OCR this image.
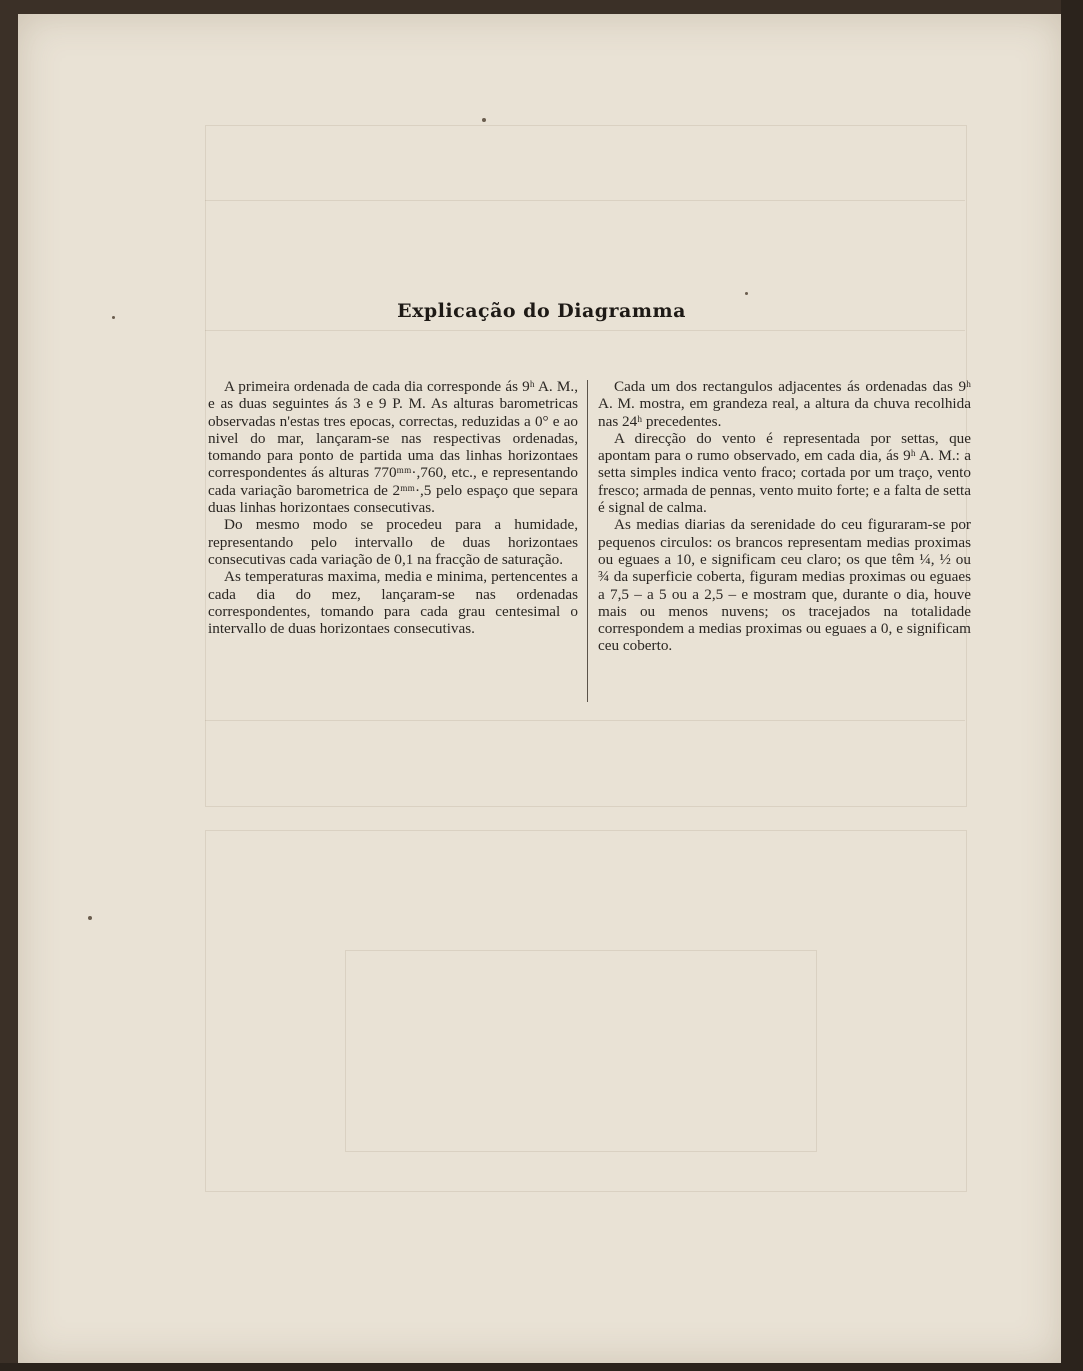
Explicação do Diagramma

A primeira ordenada de cada dia corresponde ás 9ʰ A. M., e as duas seguintes ás 3 e 9 P. M. As alturas barometricas observadas n'estas tres epocas, correctas, reduzidas a 0° e ao nivel do mar, lançaram-se nas respectivas ordenadas, tomando para ponto de partida uma das linhas horizontaes correspondentes ás alturas 770ᵐᵐ·,760, etc., e representando cada variação barometrica de 2ᵐᵐ·,5 pelo espaço que separa duas linhas horizontaes consecutivas.

Do mesmo modo se procedeu para a humidade, representando pelo intervallo de duas horizontaes consecutivas cada variação de 0,1 na fracção de saturação.

As temperaturas maxima, media e minima, pertencentes a cada dia do mez, lançaram-se nas ordenadas correspondentes, tomando para cada grau centesimal o intervallo de duas horizontaes consecutivas.

Cada um dos rectangulos adjacentes ás ordenadas das 9ʰ A. M. mostra, em grandeza real, a altura da chuva recolhida nas 24ʰ precedentes.

A direcção do vento é representada por settas, que apontam para o rumo observado, em cada dia, ás 9ʰ A. M.: a setta simples indica vento fraco; cortada por um traço, vento fresco; armada de pennas, vento muito forte; e a falta de setta é signal de calma.

As medias diarias da serenidade do ceu figuraram-se por pequenos circulos: os brancos representam medias proximas ou eguaes a 10, e significam ceu claro; os que têm ¼, ½ ou ¾ da superficie coberta, figuram medias proximas ou eguaes a 7,5 – a 5 ou a 2,5 – e mostram que, durante o dia, houve mais ou menos nuvens; os tracejados na totalidade correspondem a medias proximas ou eguaes a 0, e significam ceu coberto.
